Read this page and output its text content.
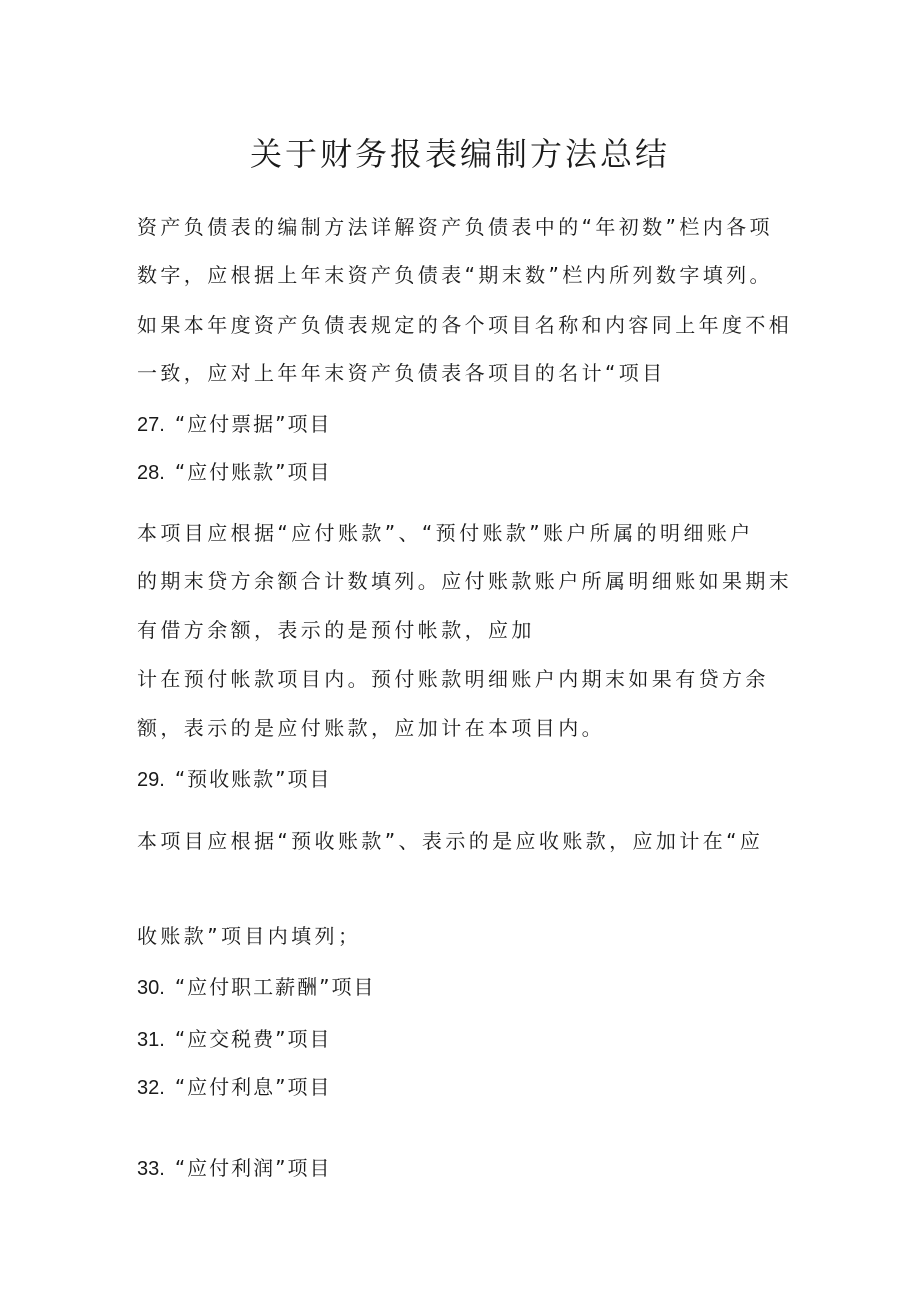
关于财务报表编制方法总结
资产负债表的编制方法详解资产负债表中的“年初数”栏内各项
数字，应根据上年末资产负债表“期末数”栏内所列数字填列。
如果本年度资产负债表规定的各个项目名称和内容同上年度不相
一致，应对上年年末资产负债表各项目的名计“项目
27. “应付票据”项目
28. “应付账款”项目
本项目应根据“应付账款”、“预付账款”账户所属的明细账户
的期末贷方余额合计数填列。应付账款账户所属明细账如果期末
有借方余额，表示的是预付帐款，应加
计在预付帐款项目内。预付账款明细账户内期末如果有贷方余
额，表示的是应付账款，应加计在本项目内。
29. “预收账款”项目
本项目应根据“预收账款”、表示的是应收账款，应加计在“应
收账款”项目内填列；
30. “应付职工薪酬”项目
31. “应交税费”项目
32. “应付利息”项目
33. “应付利润”项目
